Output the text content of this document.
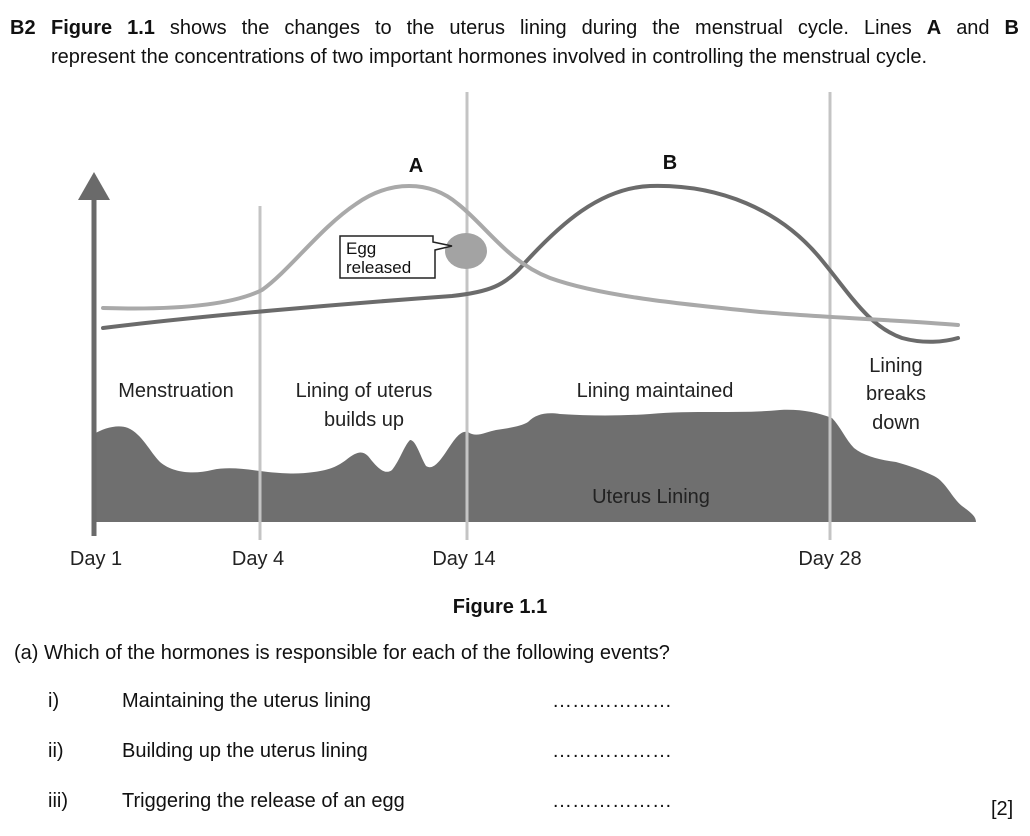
B2 Figure 1.1 shows the changes to the uterus lining during the menstrual cycle. Lines A and B
represent the concentrations of two important hormones involved in controlling the menstrual cycle.
Uterus Lining
A	B
Egg
released
Menstruation	Lining of uterus
builds up
Lining maintained
Lining
breaks
down
Day 1	Day 4	Day 14	Day 28
Figure 1.1
(a) Which of the hormones is responsible for each of the following events?
i)	Maintaining the uterus lining	………………
ii)	Building up the uterus lining	………………
iii)	Triggering the release of an egg	………………	[2]
